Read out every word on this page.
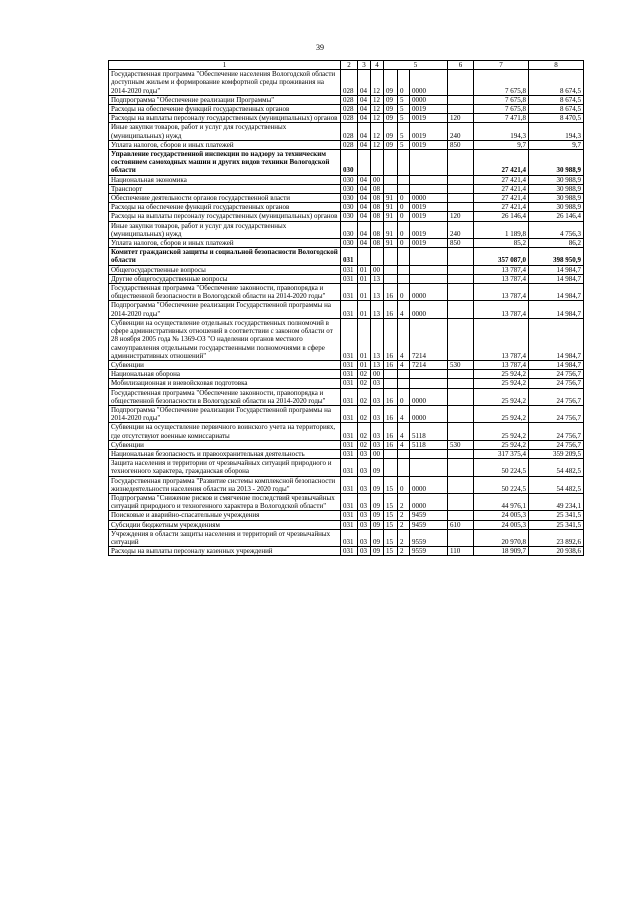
39
1	2	3	4	5			6	7	8
Государственная программа "Обеспечение населения Вологодской области доступным жильем и формирование комфортной среды проживания на 2014-2020 годы"	028	04	12	09	0	0000		7 675,8	8 674,5
Подпрограмма "Обеспечение реализации Программы"	028	04	12	09	5	0000		7 675,8	8 674,5
Расходы на обеспечение функций государственных органов	028	04	12	09	5	0019		7 675,8	8 674,5
Расходы на выплаты персоналу государственных (муниципальных) органов	028	04	12	09	5	0019	120	7 471,8	8 470,5
Иные закупки товаров, работ и услуг для государственных (муниципальных) нужд	028	04	12	09	5	0019	240	194,3	194,3
Уплата налогов, сборов и иных платежей	028	04	12	09	5	0019	850	9,7	9,7
Управление государственной инспекции по надзору за техническим состоянием самоходных машин и других видов техники Вологодской области	030							27 421,4	30 988,9
Национальная экономика	030	04	00					27 421,4	30 988,9
Транспорт	030	04	08					27 421,4	30 988,9
Обеспечение деятельности органов государственной власти	030	04	08	91	0	0000		27 421,4	30 988,9
Расходы на обеспечение функций государственных органов	030	04	08	91	0	0019		27 421,4	30 988,9
Расходы на выплаты персоналу государственных (муниципальных) органов	030	04	08	91	0	0019	120	26 146,4	26 146,4
Иные закупки товаров, работ и услуг для государственных (муниципальных) нужд	030	04	08	91	0	0019	240	1 189,8	4 756,3
Уплата налогов, сборов и иных платежей	030	04	08	91	0	0019	850	85,2	86,2
Комитет гражданской защиты и социальной безопасности Вологодской области	031							357 087,0	398 950,9
Общегосударственные вопросы	031	01	00					13 787,4	14 984,7
Другие общегосударственные вопросы	031	01	13					13 787,4	14 984,7
Государственная программа "Обеспечение законности, правопорядка и общественной безопасности в Вологодской области на 2014-2020 годы"	031	01	13	16	0	0000		13 787,4	14 984,7
Подпрограмма "Обеспечение реализации Государственной программы на 2014-2020 годы"	031	01	13	16	4	0000		13 787,4	14 984,7
Субвенции на осуществление отдельных государственных полномочий в сфере административных отношений в соответствии с законом области от 28 ноября 2005 года № 1369-ОЗ "О наделении органов местного самоуправления отдельными государственными полномочиями в сфере административных отношений"	031	01	13	16	4	7214		13 787,4	14 984,7
Субвенции	031	01	13	16	4	7214	530	13 787,4	14 984,7
Национальная оборона	031	02	00					25 924,2	24 756,7
Мобилизационная и вневойсковая подготовка	031	02	03					25 924,2	24 756,7
Государственная программа "Обеспечение законности, правопорядка и общественной безопасности в Вологодской области на 2014-2020 годы"	031	02	03	16	0	0000		25 924,2	24 756,7
Подпрограмма "Обеспечение реализации Государственной программы на 2014-2020 годы"	031	02	03	16	4	0000		25 924,2	24 756,7
Субвенции на осуществление первичного воинского учета на территориях, где отсутствуют военные комиссариаты	031	02	03	16	4	5118		25 924,2	24 756,7
Субвенции	031	02	03	16	4	5118	530	25 924,2	24 756,7
Национальная безопасность и правоохранительная деятельность	031	03	00					317 375,4	359 209,5
Защита населения и территории от чрезвычайных ситуаций природного и техногенного характера, гражданская оборона	031	03	09					50 224,5	54 482,5
Государственная программа "Развитие системы комплексной безопасности жизнедеятельности населения области на 2013 - 2020 годы"	031	03	09	15	0	0000		50 224,5	54 482,5
Подпрограмма "Снижение рисков и смягчение последствий чрезвычайных ситуаций природного и техногенного характера в Вологодской области"	031	03	09	15	2	0000		44 976,1	49 234,1
Поисковые и аварийно-спасательные учреждения	031	03	09	15	2	9459		24 005,3	25 341,5
Субсидии бюджетным учреждениям	031	03	09	15	2	9459	610	24 005,3	25 341,5
Учреждения в области защиты населения и территорий от чрезвычайных ситуаций	031	03	09	15	2	9559		20 970,8	23 892,6
Расходы на выплаты персоналу казенных учреждений	031	03	09	15	2	9559	110	18 909,7	20 938,6
